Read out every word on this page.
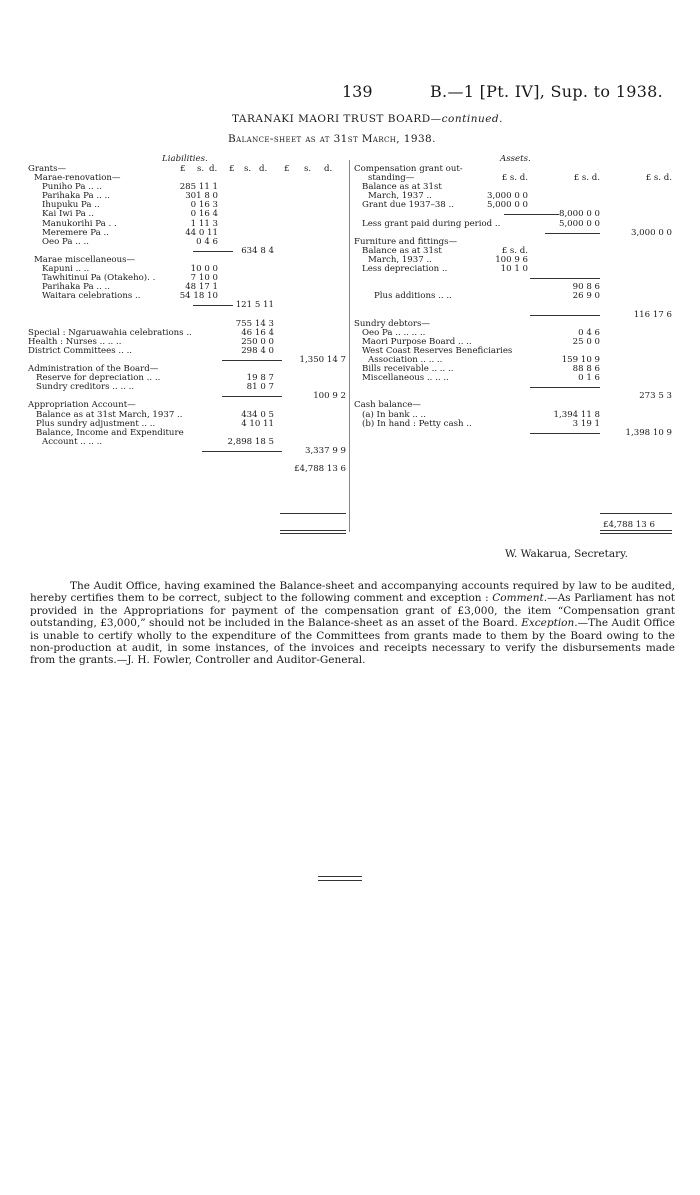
139	B.—1 [Pt. IV], Sup. to 1938.
TARANAKI MAORI TRUST BOARD—continued.
Balance-sheet as at 31st March, 1938.
Liabilities.
£ s. d. £ s. d. £ s. d.
Grants—
Marae-renovation—
Puniho Pa .. ..	285 11 1
Parihaka Pa .. ..	301 8 0
Ihupuku Pa ..	0 16 3
Kai Iwi Pa ..	0 16 4
Manukorihi Pa . .	1 11 3
Meremere Pa ..	44 0 11
Oeo Pa .. ..	0 4 6
634 8 4
Marae miscellaneous—
Kapuni .. ..	10 0 0
Tawhitinui Pa (Otakeho). .	7 10 0
Parihaka Pa .. ..	48 17 1
Waitara celebrations ..	54 18 10
121 5 11
755 14 3
Special : Ngaruawahia celebrations ..	46 16 4
Health : Nurses .. .. ..	250 0 0
District Committees .. ..	298 4 0
1,350 14 7
Administration of the Board—
Reserve for depreciation .. ..	19 8 7
Sundry creditors .. .. ..	81 0 7
100 9 2
Appropriation Account—
Balance as at 31st March, 1937 ..	434 0 5
Plus sundry adjustment .. ..	4 10 11
Balance, Income and Expenditure
Account .. .. ..	2,898 18 5
3,337 9 9
£4,788 13 6
Assets.
Compensation grant out-
standing—	£ s. d.	£ s. d.	£ s. d.
Balance as at 31st
March, 1937 ..	3,000 0 0
Grant due 1937–38 ..	5,000 0 0
8,000 0 0
Less grant paid during period ..	5,000 0 0
3,000 0 0
Furniture and fittings—
Balance as at 31st	£ s. d.
March, 1937 ..	100 9 6
Less depreciation ..	10 1 0
90 8 6
Plus additions .. ..	26 9 0
116 17 6
Sundry debtors—
Oeo Pa .. .. .. ..	0 4 6
Maori Purpose Board .. ..	25 0 0
West Coast Reserves Beneficiaries
Association .. .. ..	159 10 9
Bills receivable .. .. ..	88 8 6
Miscellaneous .. .. ..	0 1 6
273 5 3
Cash balance—
(a) In bank .. ..	1,394 11 8
(b) In hand : Petty cash ..	3 19 1
1,398 10 9
£4,788 13 6
W. Wakarua, Secretary.
The Audit Office, having examined the Balance-sheet and accompanying accounts required by law to be audited, hereby certifies them to be correct, subject to the following comment and exception : Comment.—As Parliament has not provided in the Appropriations for payment of the compensation grant of £3,000, the item “Compensation grant outstanding, £3,000,” should not be included in the Balance-sheet as an asset of the Board. Exception.—The Audit Office is unable to certify wholly to the expenditure of the Committees from grants made to them by the Board owing to the non-production at audit, in some instances, of the invoices and receipts necessary to verify the disbursements made from the grants.—J. H. Fowler, Controller and Auditor-General.
